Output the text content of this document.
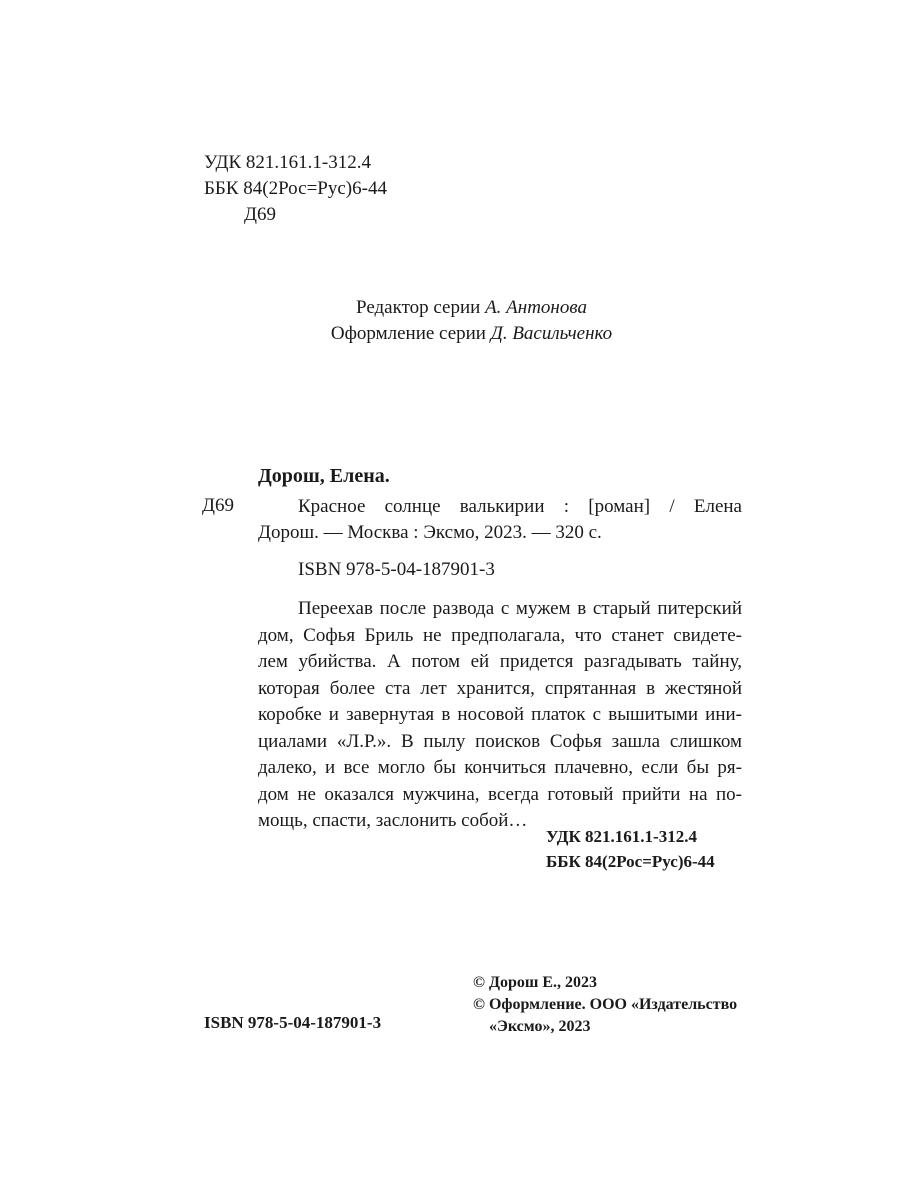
УДК 821.161.1-312.4
ББК 84(2Рос=Рус)6-44
Д69
Редактор серии А. Антонова
Оформление серии Д. Васильченко
Дорош, Елена.
Д69	Красное солнце валькирии : [роман] / Елена
Дорош. — Москва : Эксмо, 2023. — 320 с.
ISBN 978-5-04-187901-3
Переехав после развода с мужем в старый питерский
дом, Софья Бриль не предполагала, что станет свидете-
лем убийства. А потом ей придется разгадывать тайну,
которая более ста лет хранится, спрятанная в жестяной
коробке и завернутая в носовой платок с вышитыми ини-
циалами «Л.Р.». В пылу поисков Софья зашла слишком
далеко, и все могло бы кончиться плачевно, если бы ря-
дом не оказался мужчина, всегда готовый прийти на по-
мощь, спасти, заслонить собой…
УДК 821.161.1-312.4
ББК 84(2Рос=Рус)6-44
© Дорош Е., 2023
© Оформление. ООО «Издательство
«Эксмо», 2023
ISBN 978-5-04-187901-3
